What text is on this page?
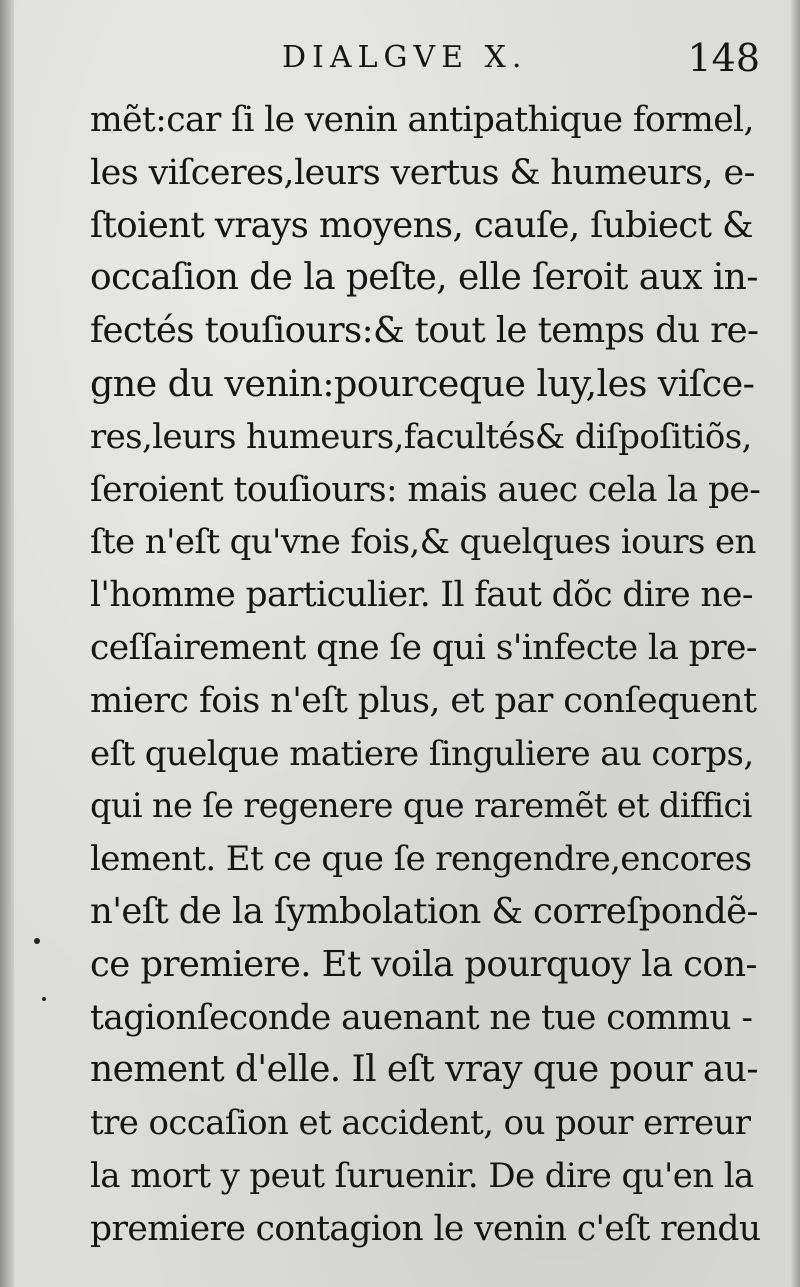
DIALGVE X.	148
mẽt:car ſi le venin antipathique formel,
les viſceres,leurs vertus & humeurs, e-
ſtoient vrays moyens, cauſe, ſubiect &
occaſion de la peſte, elle ſeroit aux in-
fectés touſiours:& tout le temps du re-
gne du venin:pourceque luy,les viſce-
res,leurs humeurs,facultés& diſpoſitiõs,
ſeroient touſiours: mais auec cela la pe-
ſte n'eſt qu'vne fois,& quelques iours en
l'homme particulier. Il faut dõc dire ne-
ceſſairement qne ſe qui s'infecte la pre-
mierc fois n'eſt plus, et par conſequent
eſt quelque matiere ſinguliere au corps,
qui ne ſe regenere que raremẽt et diffici
lement. Et ce que ſe rengendre,encores
n'eſt de la ſymbolation & correſpondẽ-
ce premiere. Et voila pourquoy la con-
tagionſeconde auenant ne tue commu -
nement d'elle. Il eſt vray que pour au-
tre occaſion et accident, ou pour erreur
la mort y peut ſuruenir. De dire qu'en la
premiere contagion le venin c'eſt rendu
